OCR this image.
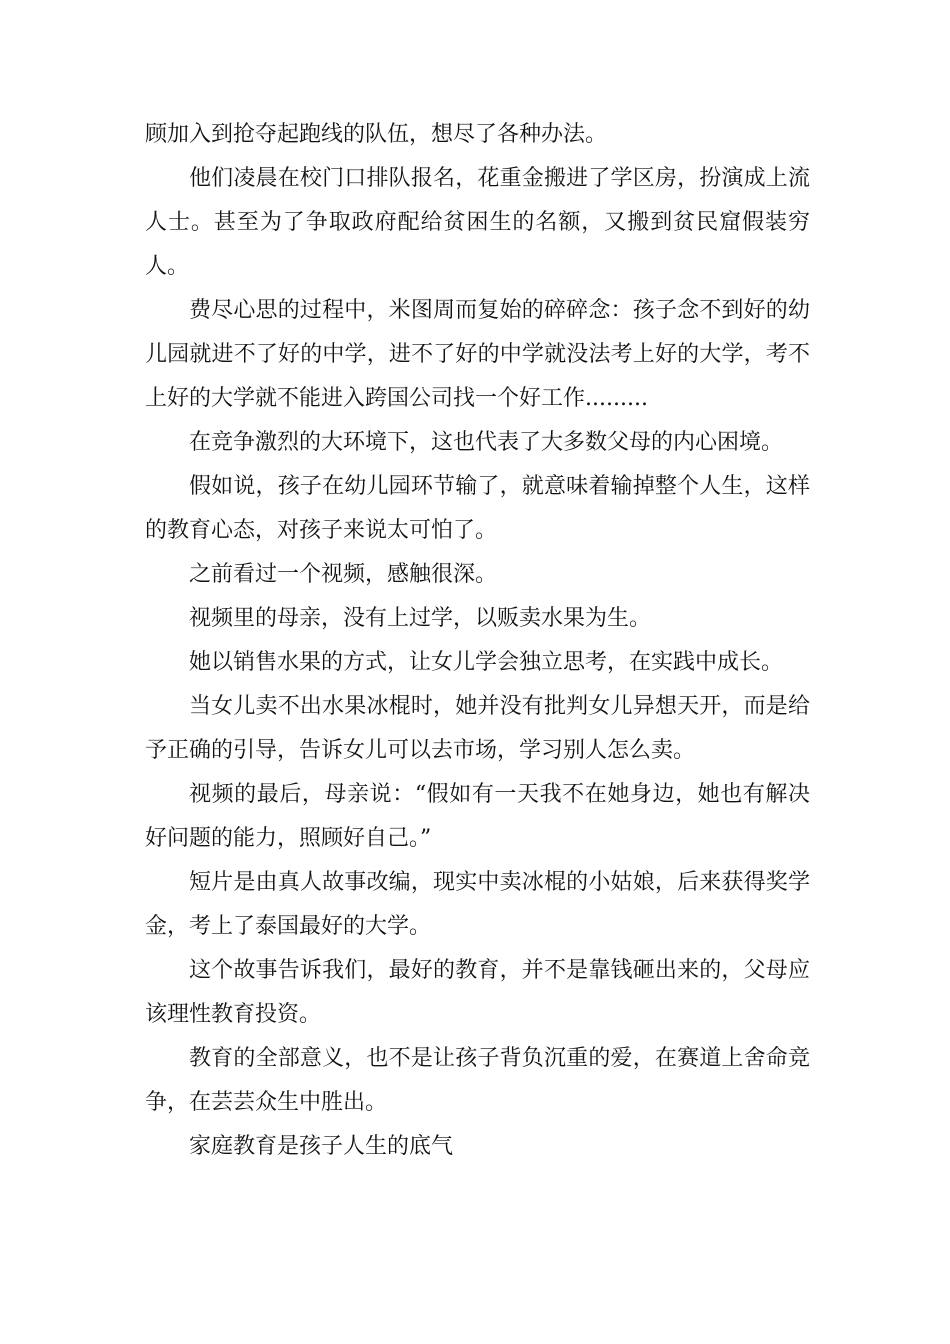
顾加入到抢夺起跑线的队伍，想尽了各种办法。

他们凌晨在校门口排队报名，花重金搬进了学区房，扮演成上流人士。甚至为了争取政府配给贫困生的名额，又搬到贫民窟假装穷人。

费尽心思的过程中，米图周而复始的碎碎念：孩子念不到好的幼儿园就进不了好的中学，进不了好的中学就没法考上好的大学，考不上好的大学就不能进入跨国公司找一个好工作.........

在竞争激烈的大环境下，这也代表了大多数父母的内心困境。

假如说，孩子在幼儿园环节输了，就意味着输掉整个人生，这样的教育心态，对孩子来说太可怕了。

之前看过一个视频，感触很深。

视频里的母亲，没有上过学，以贩卖水果为生。

她以销售水果的方式，让女儿学会独立思考，在实践中成长。

当女儿卖不出水果冰棍时，她并没有批判女儿异想天开，而是给予正确的引导，告诉女儿可以去市场，学习别人怎么卖。

视频的最后，母亲说：“假如有一天我不在她身边，她也有解决好问题的能力，照顾好自己。”

短片是由真人故事改编，现实中卖冰棍的小姑娘，后来获得奖学金，考上了泰国最好的大学。

这个故事告诉我们，最好的教育，并不是靠钱砸出来的，父母应该理性教育投资。

教育的全部意义，也不是让孩子背负沉重的爱，在赛道上舍命竞争，在芸芸众生中胜出。

家庭教育是孩子人生的底气
